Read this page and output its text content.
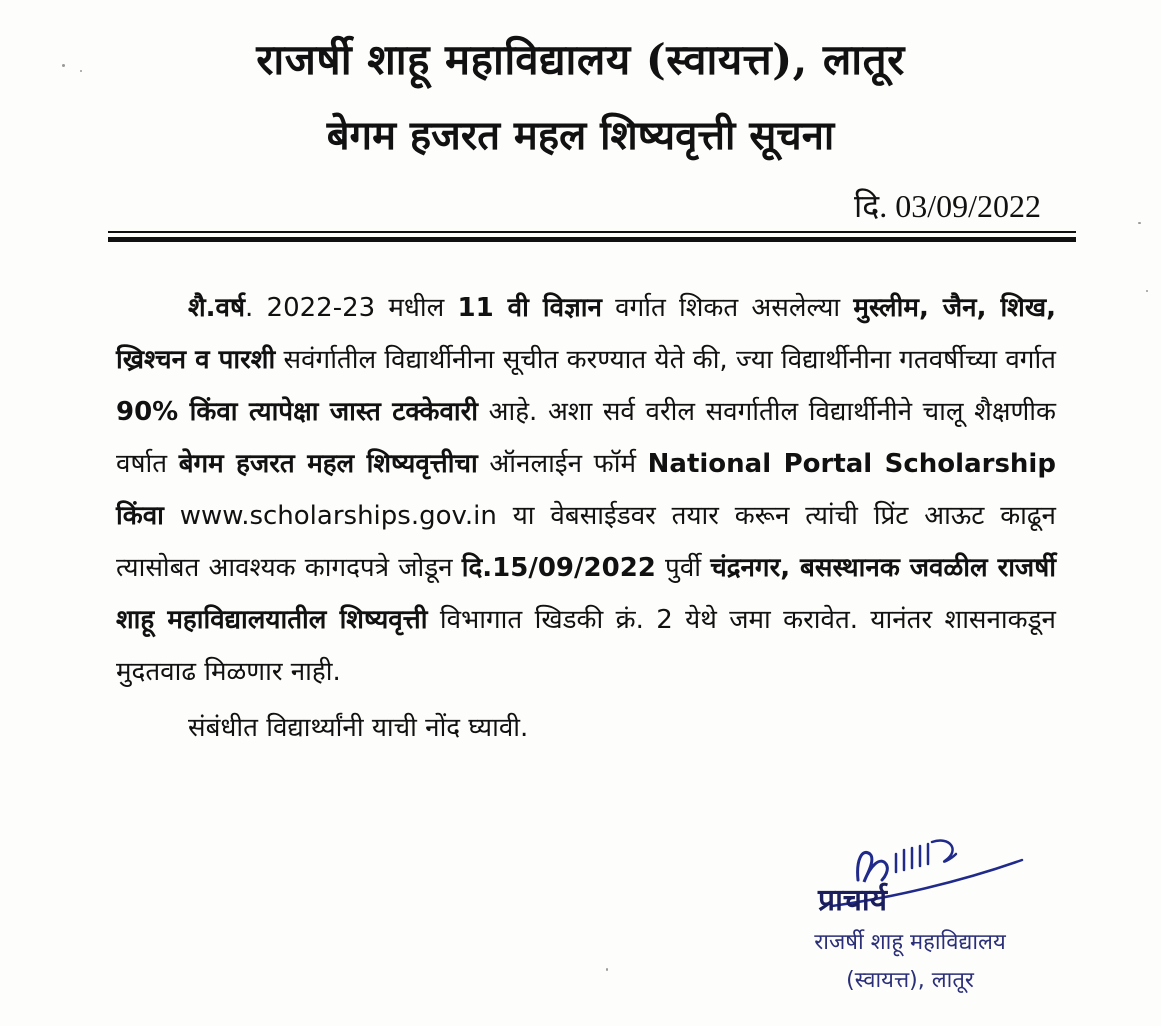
राजर्षी शाहू महाविद्यालय (स्वायत्त), लातूर
बेगम हजरत महल शिष्यवृत्ती सूचना
दि. 03/09/2022

शै.वर्ष. 2022-23 मधील 11 वी विज्ञान वर्गात शिकत असलेल्या मुस्लीम, जैन, शिख, ख्रिश्चन व पारशी सवंर्गातील विद्यार्थीनीना सूचीत करण्यात येते की, ज्या विद्यार्थीनीना गतवर्षीच्या वर्गात 90% किंवा त्यापेक्षा जास्त टक्केवारी आहे. अशा सर्व वरील सवर्गातील विद्यार्थीनीने चालू शैक्षणीक वर्षात बेगम हजरत महल शिष्यवृत्तीचा ऑनलाईन फॉर्म National Portal Scholarship किंवा www.scholarships.gov.in या वेबसाईडवर तयार करून त्यांची प्रिंट आऊट काढून त्यासोबत आवश्यक कागदपत्रे जोडून दि.15/09/2022 पुर्वी चंद्रनगर, बसस्थानक जवळील राजर्षी शाहू महाविद्यालयातील शिष्यवृत्ती विभागात खिडकी क्रं. 2 येथे जमा करावेत. यानंतर शासनाकडून मुदतवाढ मिळणार नाही.

संबंधीत विद्यार्थ्यांनी याची नोंद घ्यावी.

प्राचार्य
राजर्षी शाहू महाविद्यालय
(स्वायत्त), लातूर
